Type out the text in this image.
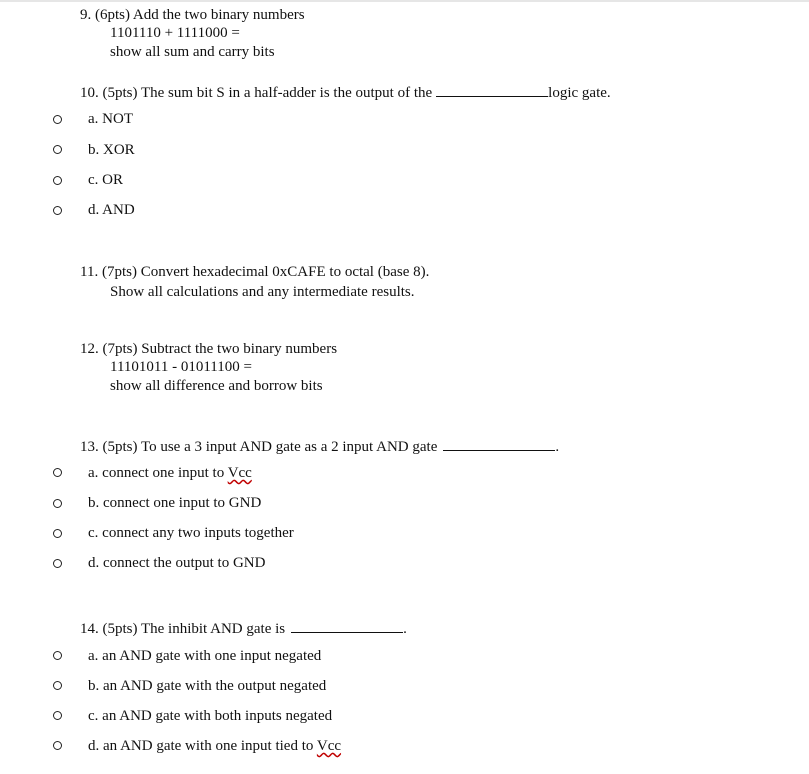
9. (6pts) Add the two binary numbers
1101110 + 1111000 =
show all sum and carry bits
10. (5pts) The sum bit S in a half-adder is the output of the	logic gate.
a. NOT
b. XOR
c. OR
d. AND
11. (7pts) Convert hexadecimal 0xCAFE to octal (base 8).
Show all calculations and any intermediate results.
12. (7pts) Subtract the two binary numbers
11101011 - 01011100 =
show all difference and borrow bits
13. (5pts) To use a 3 input AND gate as a 2 input AND gate	.
a. connect one input to Vcc
b. connect one input to GND
c. connect any two inputs together
d. connect the output to GND
14. (5pts) The inhibit AND gate is	.
a. an AND gate with one input negated
b. an AND gate with the output negated
c. an AND gate with both inputs negated
d. an AND gate with one input tied to Vcc
